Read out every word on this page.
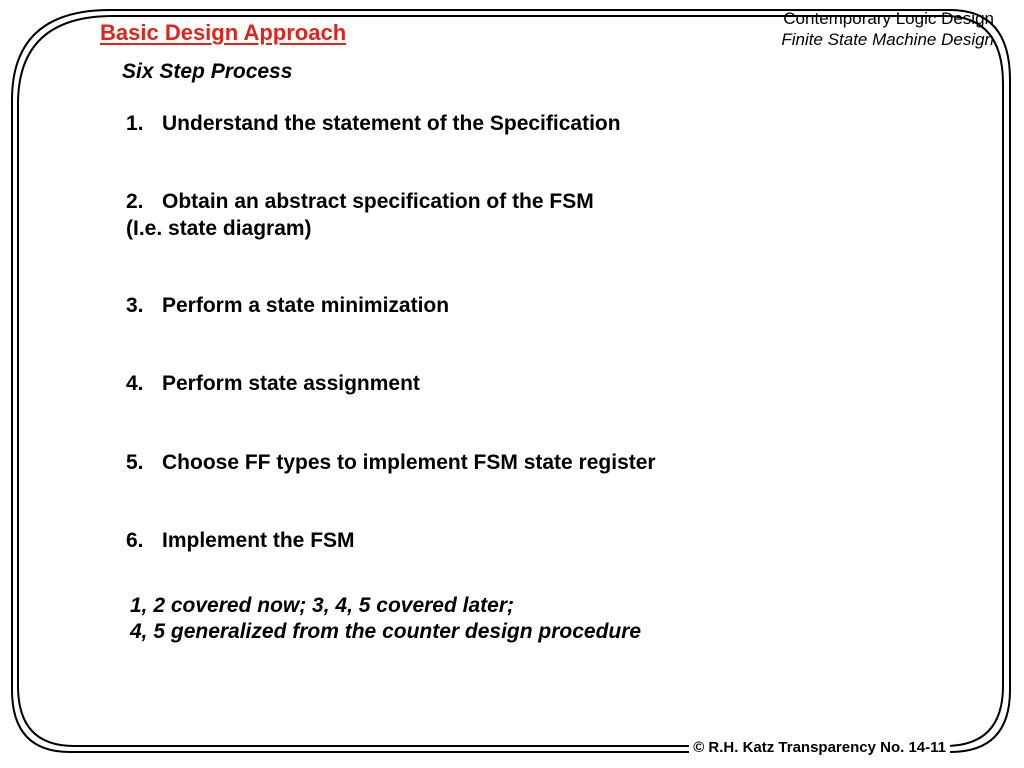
Basic Design Approach
Contemporary Logic Design
Finite State Machine Design
Six Step Process
1. Understand the statement of the Specification
2. Obtain an abstract specification of the FSM
(I.e. state diagram)
3. Perform a state minimization
4. Perform state assignment
5. Choose FF types to implement FSM state register
6. Implement the FSM
1, 2 covered now; 3, 4, 5 covered later;
4, 5 generalized from the counter design procedure
© R.H. Katz Transparency No. 14-11
